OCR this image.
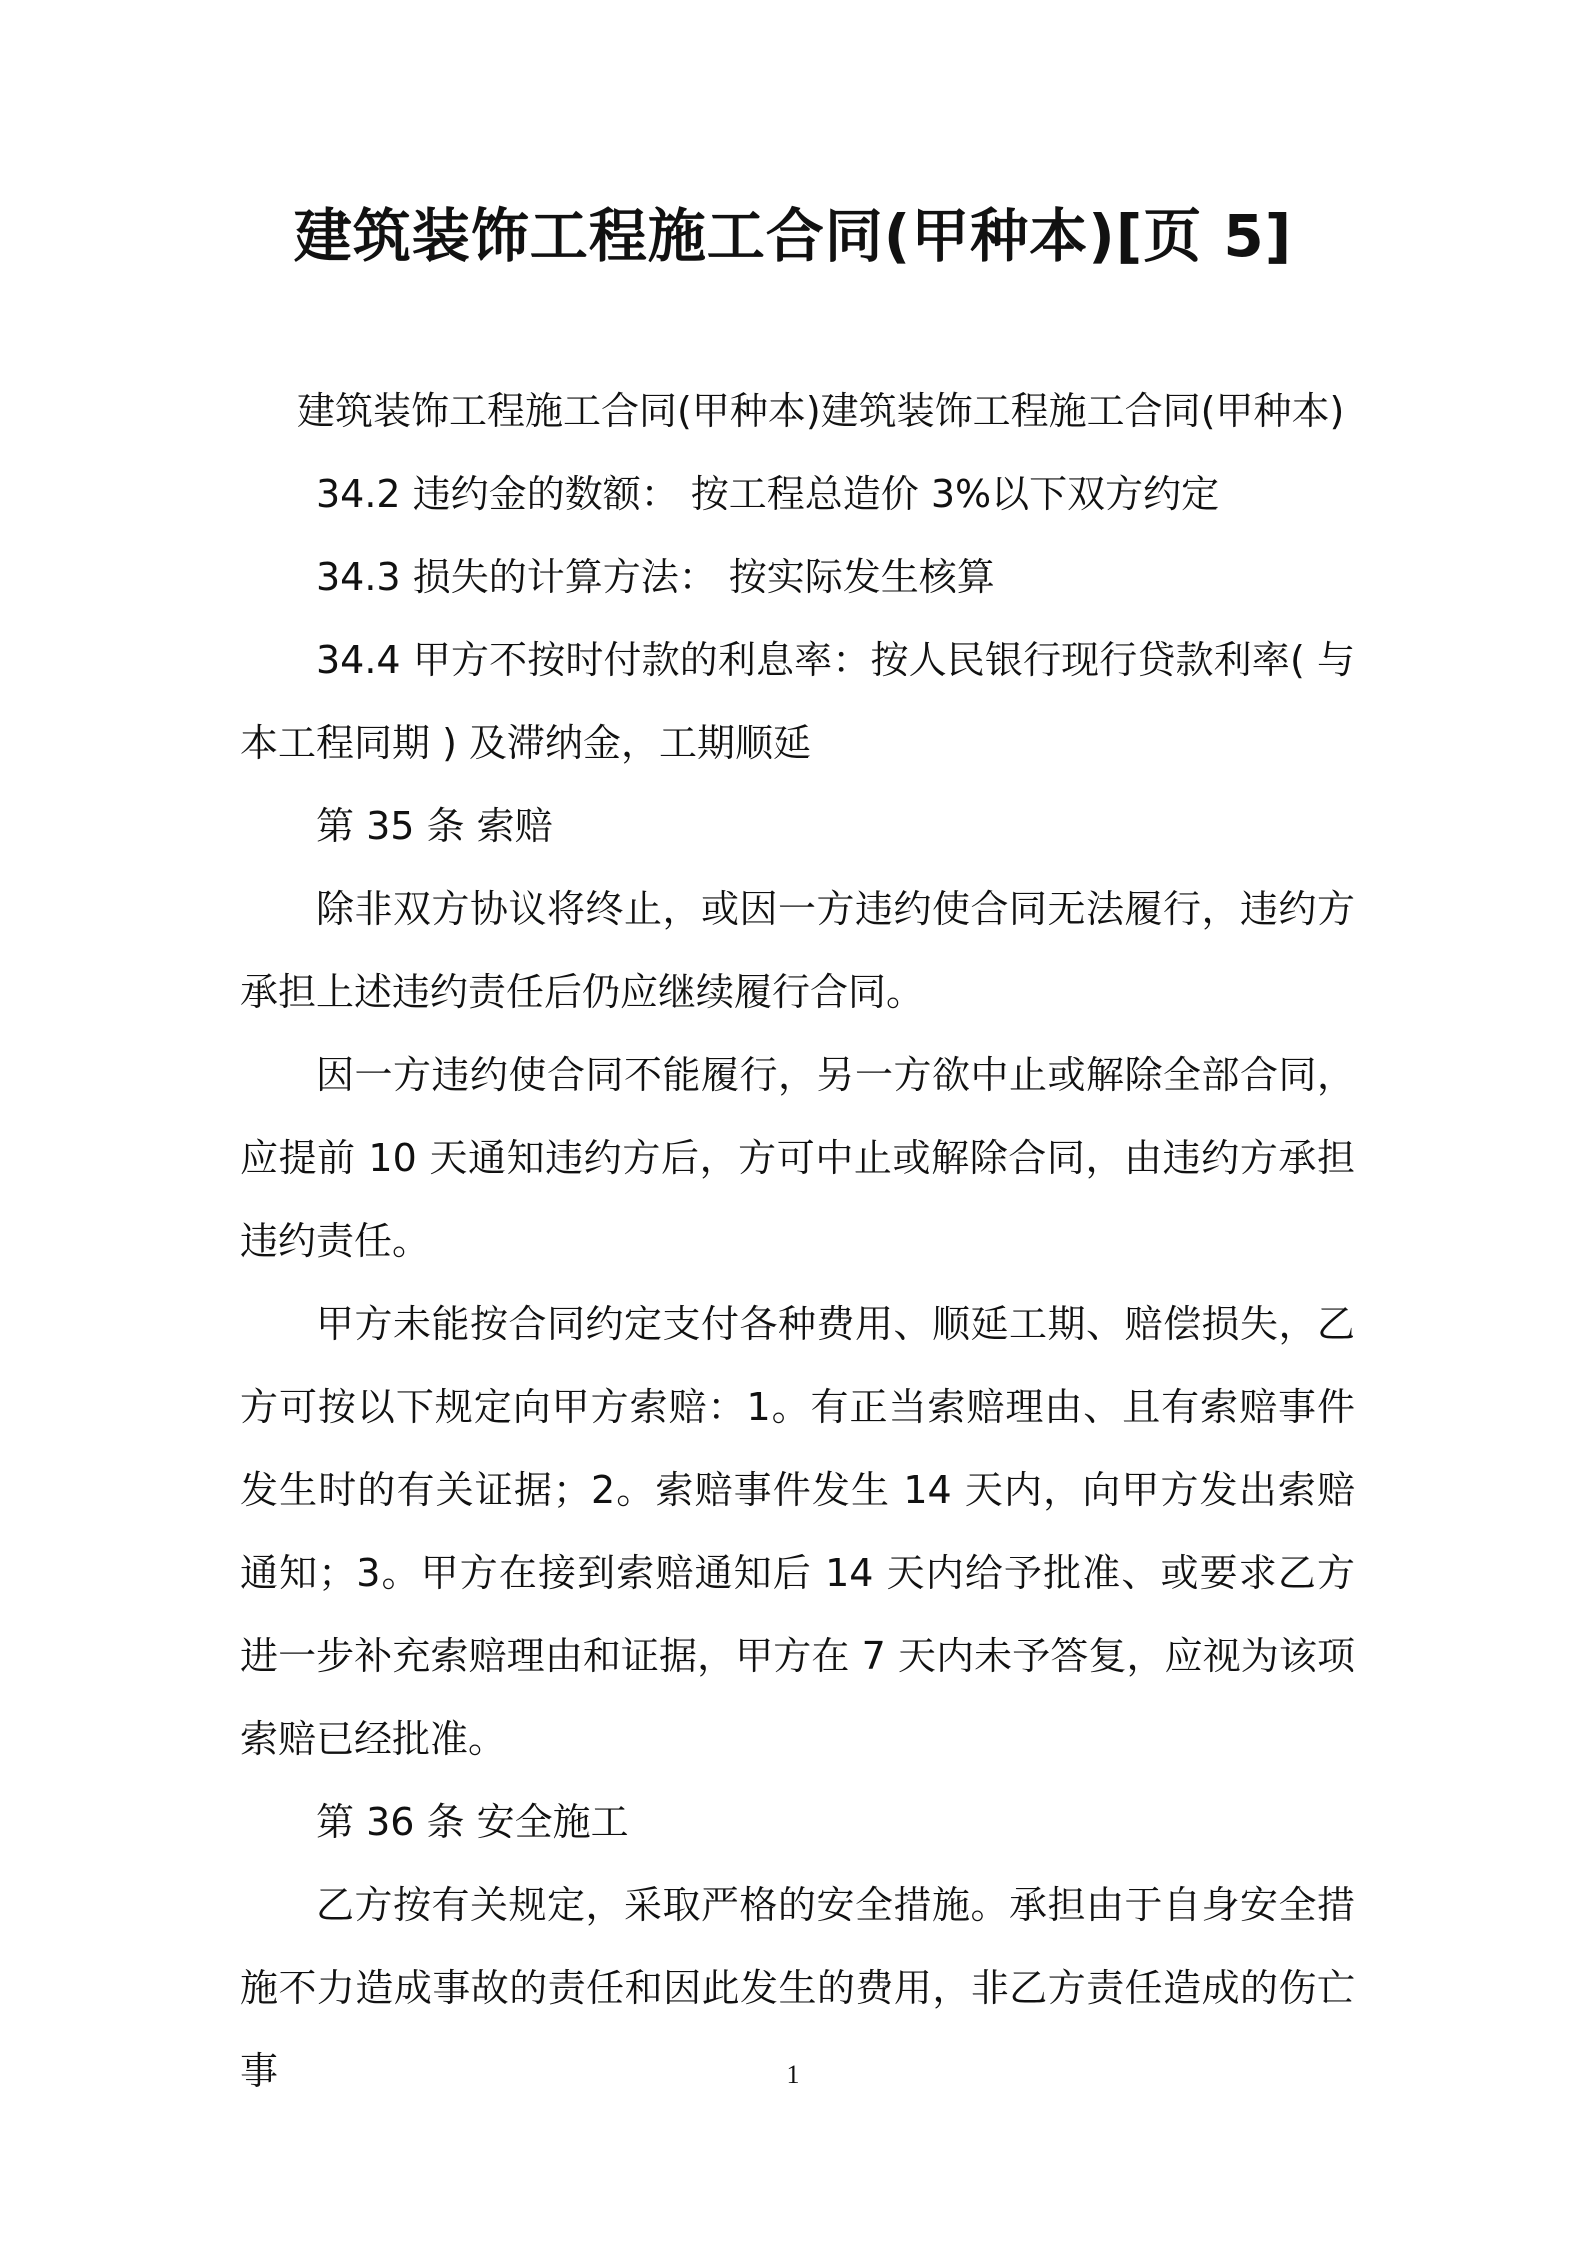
建筑装饰工程施工合同(甲种本)[页 5]

建筑装饰工程施工合同(甲种本)建筑装饰工程施工合同(甲种本)

34.2 违约金的数额： 按工程总造价 3%以下双方约定

34.3 损失的计算方法： 按实际发生核算

34.4 甲方不按时付款的利息率：按人民银行现行贷款利率( 与本工程同期 ) 及滞纳金，工期顺延

第 35 条 索赔

除非双方协议将终止，或因一方违约使合同无法履行，违约方承担上述违约责任后仍应继续履行合同。

因一方违约使合同不能履行，另一方欲中止或解除全部合同，应提前 10 天通知违约方后，方可中止或解除合同，由违约方承担违约责任。

甲方未能按合同约定支付各种费用、顺延工期、赔偿损失，乙方可按以下规定向甲方索赔：1。有正当索赔理由、且有索赔事件发生时的有关证据；2。索赔事件发生 14 天内，向甲方发出索赔通知；3。甲方在接到索赔通知后 14 天内给予批准、或要求乙方进一步补充索赔理由和证据，甲方在 7 天内未予答复，应视为该项索赔已经批准。

第 36 条 安全施工

乙方按有关规定，采取严格的安全措施。承担由于自身安全措施不力造成事故的责任和因此发生的费用，非乙方责任造成的伤亡事	1
